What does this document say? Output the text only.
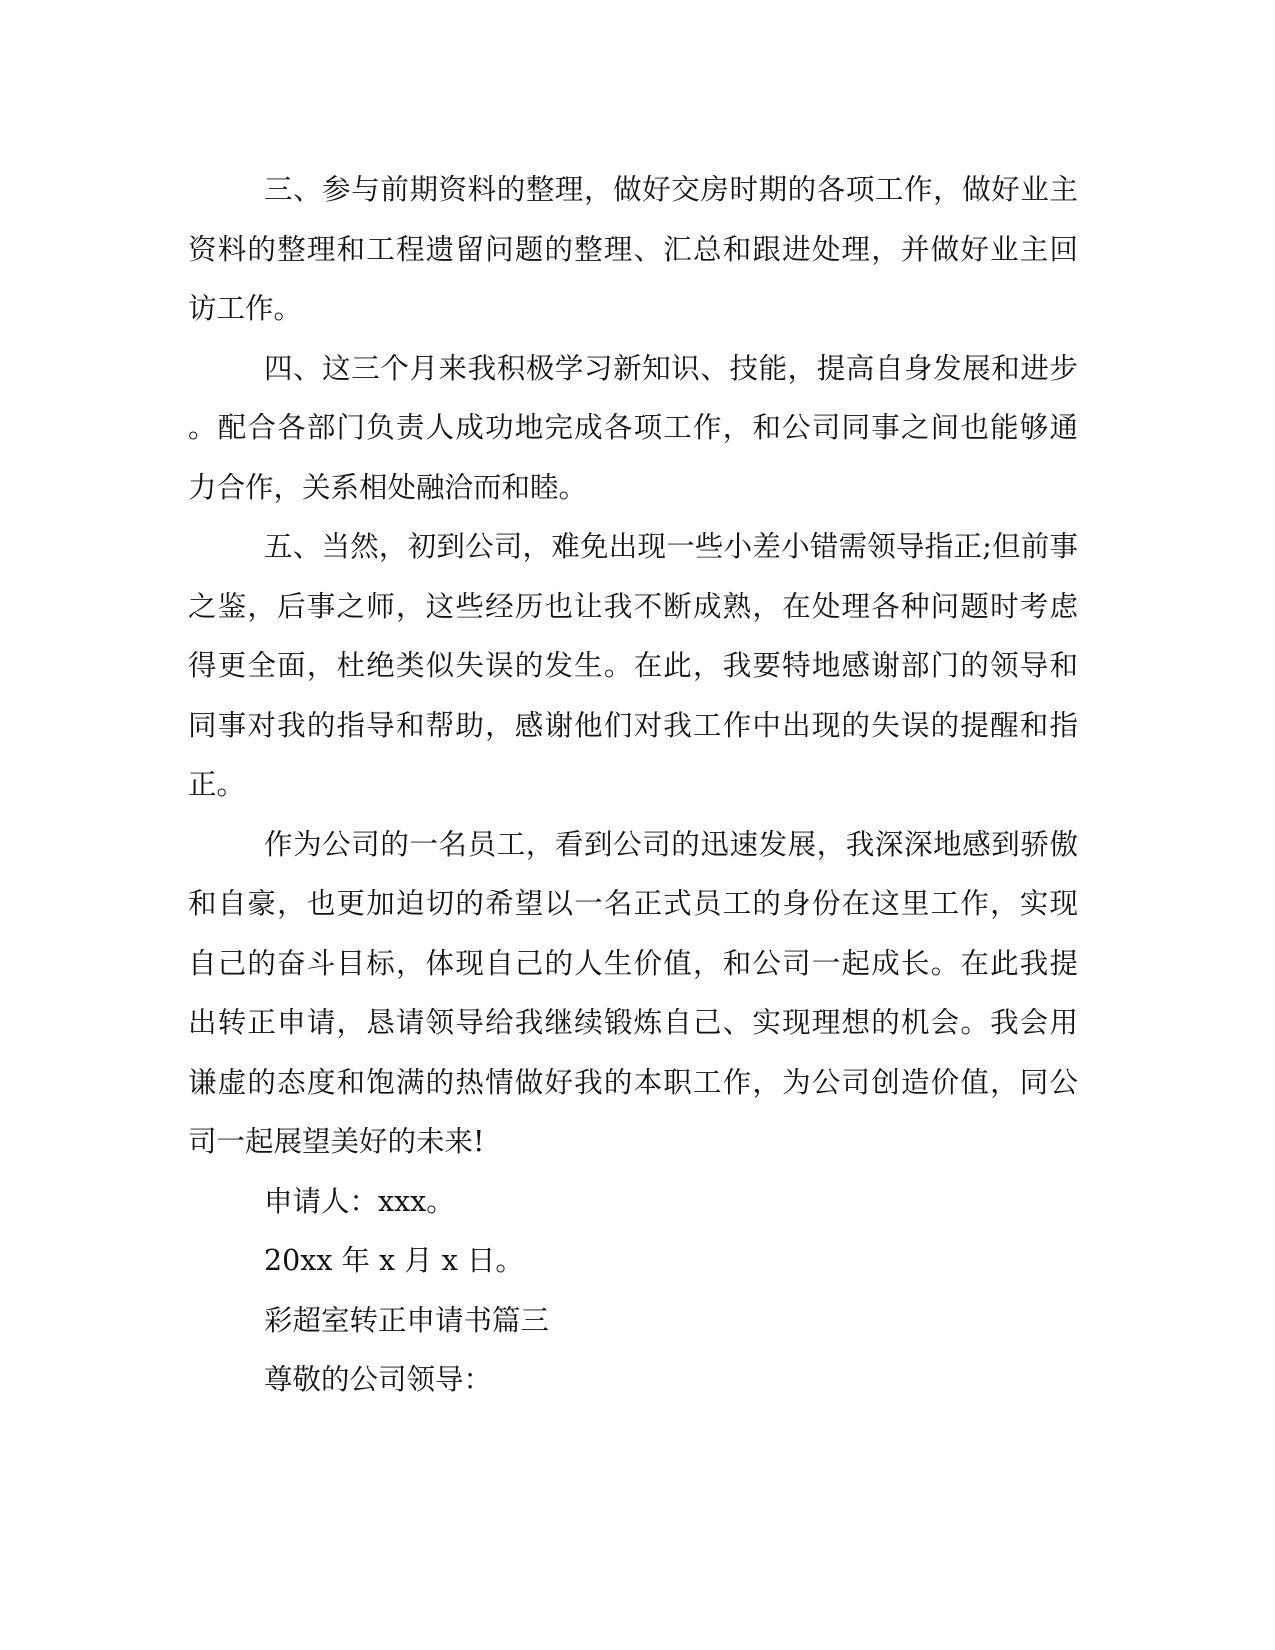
三、参与前期资料的整理，做好交房时期的各项工作，做好业主
资料的整理和工程遗留问题的整理、汇总和跟进处理，并做好业主回
访工作。
四、这三个月来我积极学习新知识、技能，提高自身发展和进步
。配合各部门负责人成功地完成各项工作，和公司同事之间也能够通
力合作，关系相处融洽而和睦。
五、当然，初到公司，难免出现一些小差小错需领导指正;但前事
之鉴，后事之师，这些经历也让我不断成熟，在处理各种问题时考虑
得更全面，杜绝类似失误的发生。在此，我要特地感谢部门的领导和
同事对我的指导和帮助，感谢他们对我工作中出现的失误的提醒和指
正。
作为公司的一名员工，看到公司的迅速发展，我深深地感到骄傲
和自豪，也更加迫切的希望以一名正式员工的身份在这里工作，实现
自己的奋斗目标，体现自己的人生价值，和公司一起成长。在此我提
出转正申请，恳请领导给我继续锻炼自己、实现理想的机会。我会用
谦虚的态度和饱满的热情做好我的本职工作，为公司创造价值，同公
司一起展望美好的未来!
申请人：xxx。
20xx 年 x 月 x 日。
彩超室转正申请书篇三
尊敬的公司领导：
